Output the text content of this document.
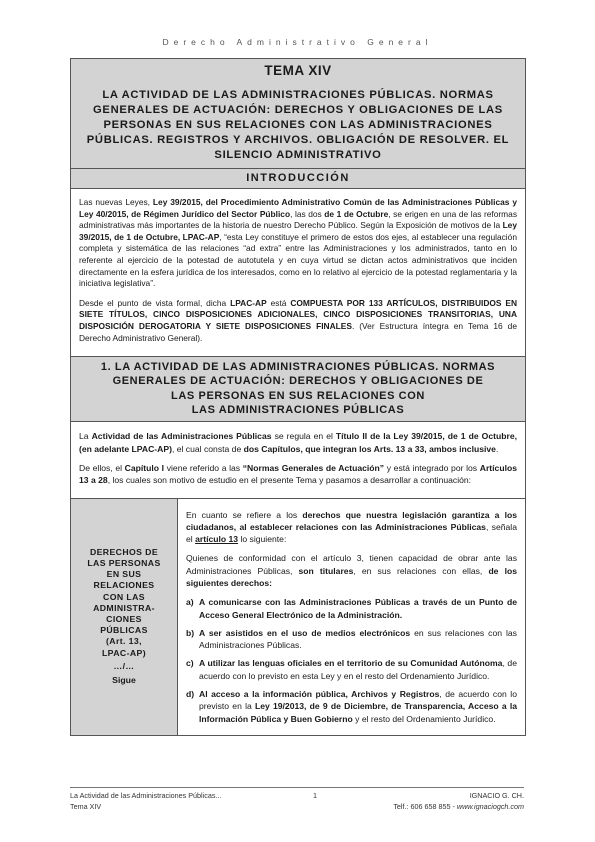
Derecho Administrativo General
TEMA XIV
LA ACTIVIDAD DE LAS ADMINISTRACIONES PÚBLICAS. NORMAS GENERALES DE ACTUACIÓN: DERECHOS Y OBLIGACIONES DE LAS PERSONAS EN SUS RELACIONES CON LAS ADMINISTRACIONES PÚBLICAS. REGISTROS Y ARCHIVOS. OBLIGACIÓN DE RESOLVER. EL SILENCIO ADMINISTRATIVO
INTRODUCCIÓN

Las nuevas Leyes, Ley 39/2015, del Procedimiento Administrativo Común de las Administraciones Públicas y Ley 40/2015, de Régimen Jurídico del Sector Público, las dos de 1 de Octubre, se erigen en una de las reformas administrativas más importantes de la historia de nuestro Derecho Público. Según la Exposición de motivos de la Ley 39/2015, de 1 de Octubre, LPAC-AP, “esta Ley constituye el primero de estos dos ejes, al establecer una regulación completa y sistemática de las relaciones “ad extra” entre las Administraciones y los administrados, tanto en lo referente al ejercicio de la potestad de autotutela y en cuya virtud se dictan actos administrativos que inciden directamente en la esfera jurídica de los interesados, como en lo relativo al ejercicio de la potestad reglamentaria y la iniciativa legislativa”.

Desde el punto de vista formal, dicha LPAC-AP está COMPUESTA POR 133 ARTÍCULOS, DISTRIBUIDOS EN SIETE TÍTULOS, CINCO DISPOSICIONES ADICIONALES, CINCO DISPOSICIONES TRANSITORIAS, UNA DISPOSICIÓN DEROGATORIA Y SIETE DISPOSICIONES FINALES. (Ver Estructura íntegra en Tema 16 de Derecho Administrativo General).

1. LA ACTIVIDAD DE LAS ADMINISTRACIONES PÚBLICAS. NORMAS
GENERALES DE ACTUACIÓN: DERECHOS Y OBLIGACIONES DE
LAS PERSONAS EN SUS RELACIONES CON
LAS ADMINISTRACIONES PÚBLICAS

La Actividad de las Administraciones Públicas se regula en el Título II de la Ley 39/2015, de 1 de Octubre, (en adelante LPAC-AP), el cual consta de dos Capítulos, que integran los Arts. 13 a 33, ambos inclusive.

De ellos, el Capítulo I viene referido a las “Normas Generales de Actuación” y está integrado por los Artículos 13 a 28, los cuales son motivo de estudio en el presente Tema y pasamos a desarrollar a continuación:

DERECHOS DE
LAS PERSONAS
EN SUS
RELACIONES
CON LAS
ADMINISTRA-
CIONES
PÚBLICAS
(Art. 13,
LPAC-AP)
…/…
Sigue

En cuanto se refiere a los derechos que nuestra legislación garantiza a los ciudadanos, al establecer relaciones con las Administraciones Públicas, señala el artículo 13 lo siguiente:

Quienes de conformidad con el artículo 3, tienen capacidad de obrar ante las Administraciones Públicas, son titulares, en sus relaciones con ellas, de los siguientes derechos:

a) A comunicarse con las Administraciones Públicas a través de un Punto de Acceso General Electrónico de la Administración.
b) A ser asistidos en el uso de medios electrónicos en sus relaciones con las Administraciones Públicas.
c) A utilizar las lenguas oficiales en el territorio de su Comunidad Autónoma, de acuerdo con lo previsto en esta Ley y en el resto del Ordenamiento Jurídico.
d) Al acceso a la información pública, Archivos y Registros, de acuerdo con lo previsto en la Ley 19/2013, de 9 de Diciembre, de Transparencia, Acceso a la Información Pública y Buen Gobierno y el resto del Ordenamiento Jurídico.
La Actividad de las Administraciones Públicas...	IGNACIO G. CH.
Tema XIV	Telf.: 606 658 855 - www.ignaciogch.com
1
